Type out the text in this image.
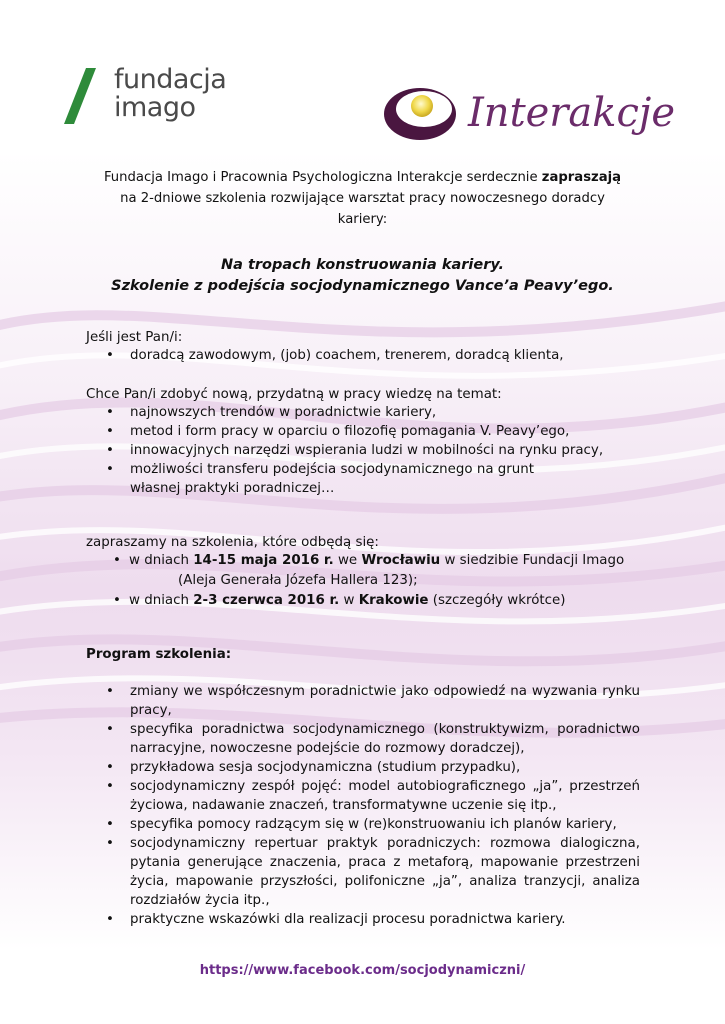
fundacja
imago	Interakcje
Fundacja Imago i Pracownia Psychologiczna Interakcje serdecznie zapraszają
na 2-dniowe szkolenia rozwijające warsztat pracy nowoczesnego doradcy
kariery:
Na tropach konstruowania kariery.
Szkolenie z podejścia socjodynamicznego Vance’a Peavy’ego.
Jeśli jest Pan/i:
• doradcą zawodowym, (job) coachem, trenerem, doradcą klienta,
Chce Pan/i zdobyć nową, przydatną w pracy wiedzę na temat:
• najnowszych trendów w poradnictwie kariery,
• metod i form pracy w oparciu o filozofię pomagania V. Peavy’ego,
• innowacyjnych narzędzi wspierania ludzi w mobilności na rynku pracy,
• możliwości transferu podejścia socjodynamicznego na grunt własnej praktyki poradniczej…
zapraszamy na szkolenia, które odbędą się:
• w dniach 14-15 maja 2016 r. we Wrocławiu w siedzibie Fundacji Imago
(Aleja Generała Józefa Hallera 123);
• w dniach 2-3 czerwca 2016 r. w Krakowie (szczegóły wkrótce)
Program szkolenia:
• zmiany we współczesnym poradnictwie jako odpowiedź na wyzwania rynku pracy,
• specyfika poradnictwa socjodynamicznego (konstruktywizm, poradnictwo narracyjne, nowoczesne podejście do rozmowy doradczej),
• przykładowa sesja socjodynamiczna (studium przypadku),
• socjodynamiczny zespół pojęć: model autobiograficznego „ja”, przestrzeń życiowa, nadawanie znaczeń, transformatywne uczenie się itp.,
• specyfika pomocy radzącym się w (re)konstruowaniu ich planów kariery,
• socjodynamiczny repertuar praktyk poradniczych: rozmowa dialogiczna, pytania generujące znaczenia, praca z metaforą, mapowanie przestrzeni życia, mapowanie przyszłości, polifoniczne „ja”, analiza tranzycji, analiza rozdziałów życia itp.,
• praktyczne wskazówki dla realizacji procesu poradnictwa kariery.
https://www.facebook.com/socjodynamiczni/
